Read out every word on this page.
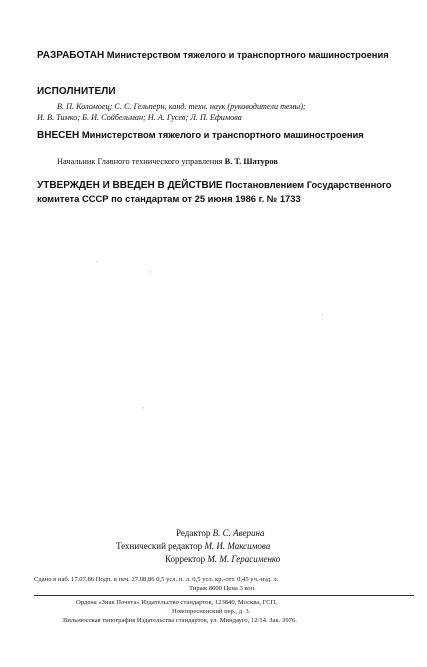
РАЗРАБОТАН Министерством тяжелого и транспортного машиностроения
ИСПОЛНИТЕЛИ
В. П. Коломоец; С. С. Гельперн, канд. техн. наук (руководители темы);
И. В. Тимко; Б. И. Сойбельман; Н. А. Гусев; Л. П. Ефимова
ВНЕСЕН Министерством тяжелого и транспортного машиностроения
Начальник Главного технического управления В. Т. Шатуров
УТВЕРЖДЕН И ВВЕДЕН В ДЕЙСТВИЕ Постановлением Государственного комитета СССР по стандартам от 25 июня 1986 г. № 1733
ˎ
ˏ
ˏ
ˏ
Редактор В. С. Аверина
Технический редактор М. И. Максимова
Корректор М. М. Герасименко
Сдано в наб. 17.07.86 Подп. в печ. 27.08.86 0,5 усл. п. л. 0,5 усл. кр.-отт. 0,45 уч.-изд. л.
Тираж 8000 Цена 3 коп.
Ордена «Знак Почета» Издательство стандартов, 123840, Москва, ГСП,
Новопресненский пер., д. 3.
Вильнюсская типография Издательства стандартов, ул. Миндауго, 12/14. Зак. 3976.
